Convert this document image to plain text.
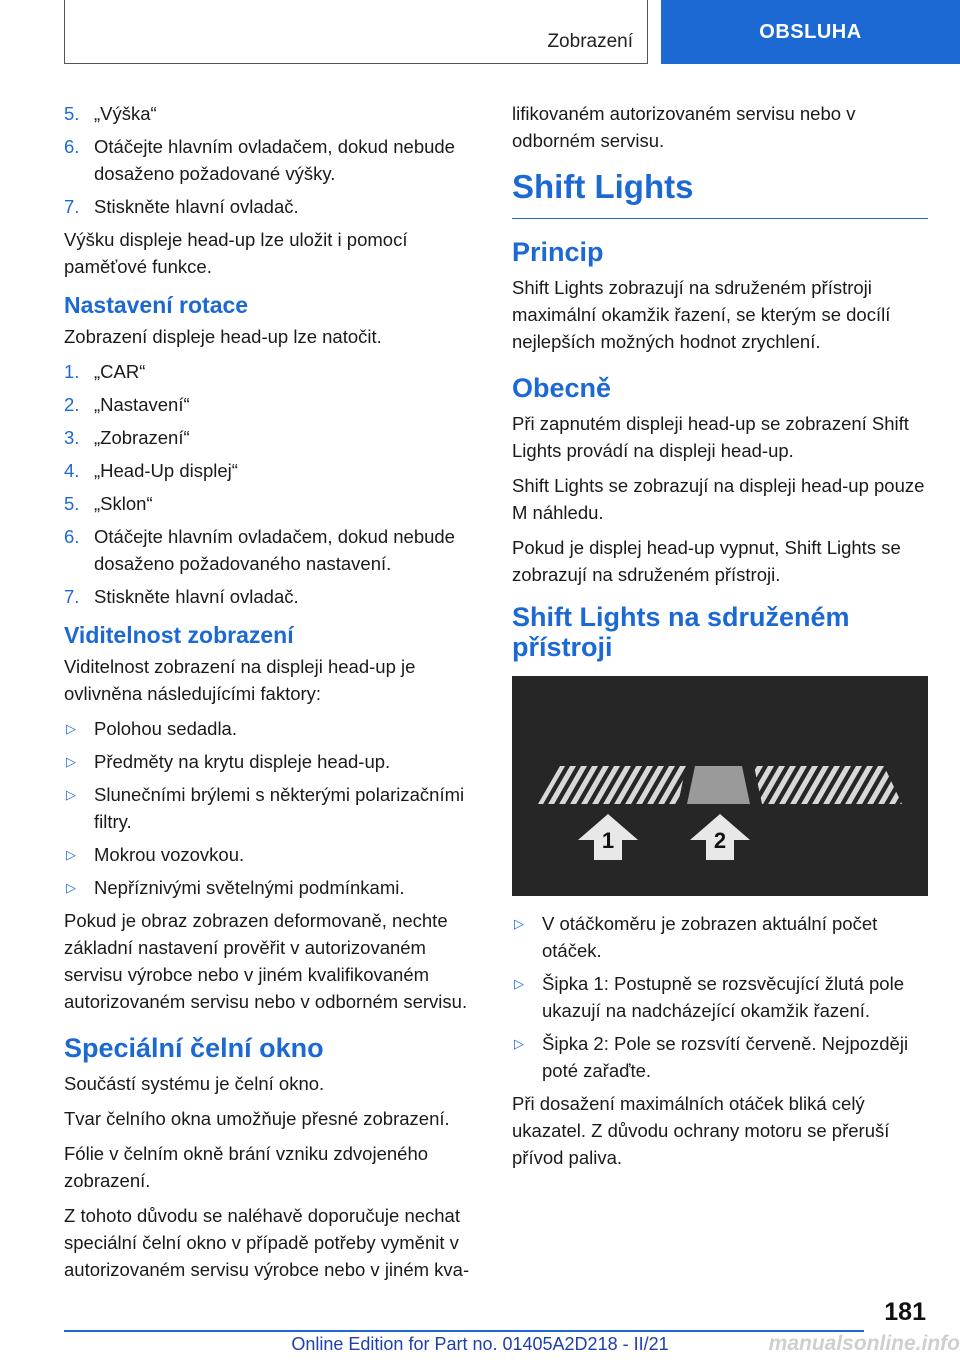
Zobrazení	OBSLUHA
5. „Výška“
6. Otáčejte hlavním ovladačem, dokud nebude dosaženo požadované výšky.
7. Stiskněte hlavní ovladač.

Výšku displeje head-up lze uložit i pomocí paměťové funkce.

Nastavení rotace

Zobrazení displeje head-up lze natočit.

1. „CAR“
2. „Nastavení“
3. „Zobrazení“
4. „Head-Up displej“
5. „Sklon“
6. Otáčejte hlavním ovladačem, dokud nebude dosaženo požadovaného nastavení.
7. Stiskněte hlavní ovladač.
Viditelnost zobrazení

Viditelnost zobrazení na displeji head-up je ovlivněna následujícími faktory:

▷ Polohou sedadla.
▷ Předměty na krytu displeje head-up.
▷ Slunečními brýlemi s některými polarizačními filtry.
▷ Mokrou vozovkou.
▷ Nepříznivými světelnými podmínkami.

Pokud je obraz zobrazen deformovaně, nechte základní nastavení prověřit v autorizovaném servisu výrobce nebo v jiném kvalifikovaném autorizovaném servisu nebo v odborném servisu.

Speciální čelní okno

Součástí systému je čelní okno.

Tvar čelního okna umožňuje přesné zobrazení.

Fólie v čelním okně brání vzniku zdvojeného zobrazení.

Z tohoto důvodu se naléhavě doporučuje nechat speciální čelní okno v případě potřeby vyměnit v autorizovaném servisu výrobce nebo v jiném kva-

lifikovaném autorizovaném servisu nebo v odborném servisu.

Shift Lights
Princip

Shift Lights zobrazují na sdruženém přístroji maximální okamžik řazení, se kterým se docílí nejlepších možných hodnot zrychlení.

Obecně

Při zapnutém displeji head-up se zobrazení Shift Lights provádí na displeji head-up.

Shift Lights se zobrazují na displeji head-up pouze M náhledu.

Pokud je displej head-up vypnut, Shift Lights se zobrazují na sdruženém přístroji.

Shift Lights na sdruženém přístroji
1	2
▷ V otáčkoměru je zobrazen aktuální počet otáček.
▷ Šipka 1: Postupně se rozsvěcující žlutá pole ukazují na nadcházející okamžik řazení.
▷ Šipka 2: Pole se rozsvítí červeně. Nejpozději poté zařaďte.

Při dosažení maximálních otáček bliká celý ukazatel. Z důvodu ochrany motoru se přeruší přívod paliva.

181
Online Edition for Part no. 01405A2D218 - II/21	manualsonline.info
